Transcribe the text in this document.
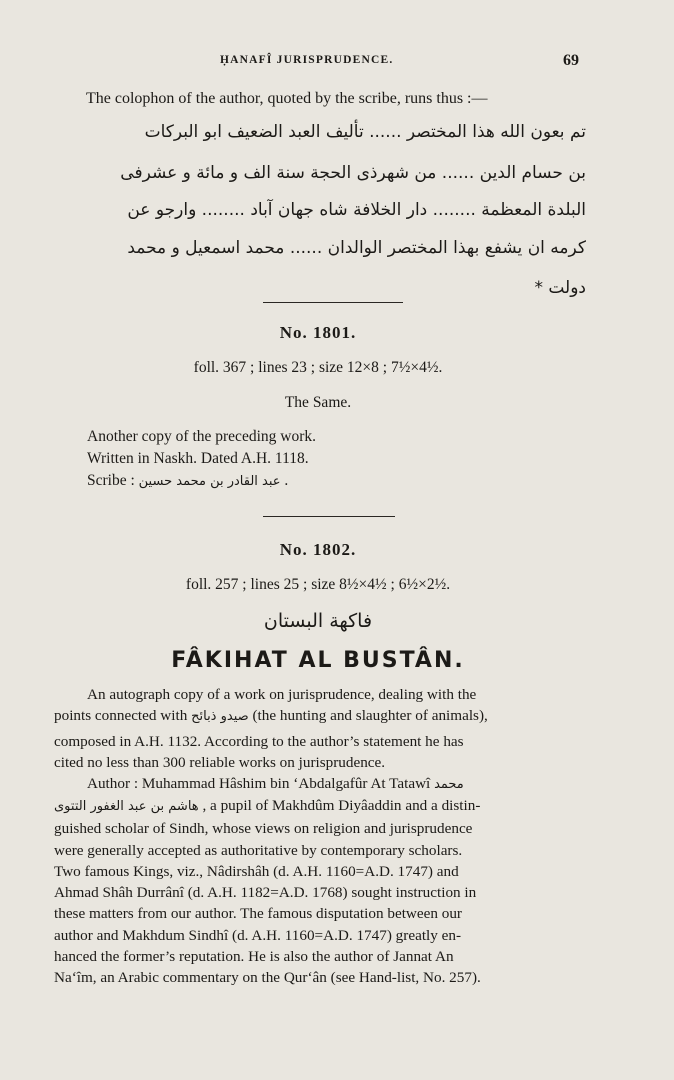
ḤANAFÎ JURISPRUDENCE.	69
The colophon of the author, quoted by the scribe, runs thus :—
تم بعون الله هذا المختصر ...... تأليف العبد الضعيف ابو البركات
بن حسام الدين ...... من شهرذى الحجة سنة الف و مائة و عشرفى
البلدة المعظمة ........ دار الخلافة شاه جهان آباد ........ وارجو عن
كرمه ان يشفع بهذا المختصر الوالدان ...... محمد اسمعيل و محمد
دولت *
No. 1801.
foll. 367 ; lines 23 ; size 12×8 ; 7½×4½.
The Same.
Another copy of the preceding work.
Written in Naskh. Dated A.H. 1118.
Scribe : عبد القادر بن محمد حسين .
No. 1802.
foll. 257 ; lines 25 ; size 8½×4½ ; 6½×2½.
فاكهة البستان
FÂKIHAT AL BUSTÂN.
An autograph copy of a work on jurisprudence, dealing with the
points connected with صيدو ذبائح (the hunting and slaughter of animals),
composed in A.H. 1132. According to the author’s statement he has
cited no less than 300 reliable works on jurisprudence.
Author : Muhammad Hâshim bin ‘Abdalgafûr At Tatawî محمد
هاشم بن عبد الغفور التتوى , a pupil of Makhdûm Diyâaddin and a distin-
guished scholar of Sindh, whose views on religion and jurisprudence
were generally accepted as authoritative by contemporary scholars.
Two famous Kings, viz., Nâdirshâh (d. A.H. 1160=A.D. 1747) and
Ahmad Shâh Durrânî (d. A.H. 1182=A.D. 1768) sought instruction in
these matters from our author. The famous disputation between our
author and Makhdum Sindhî (d. A.H. 1160=A.D. 1747) greatly en-
hanced the former’s reputation. He is also the author of Jannat An
Na‘îm, an Arabic commentary on the Qur‘ân (see Hand-list, No. 257).
